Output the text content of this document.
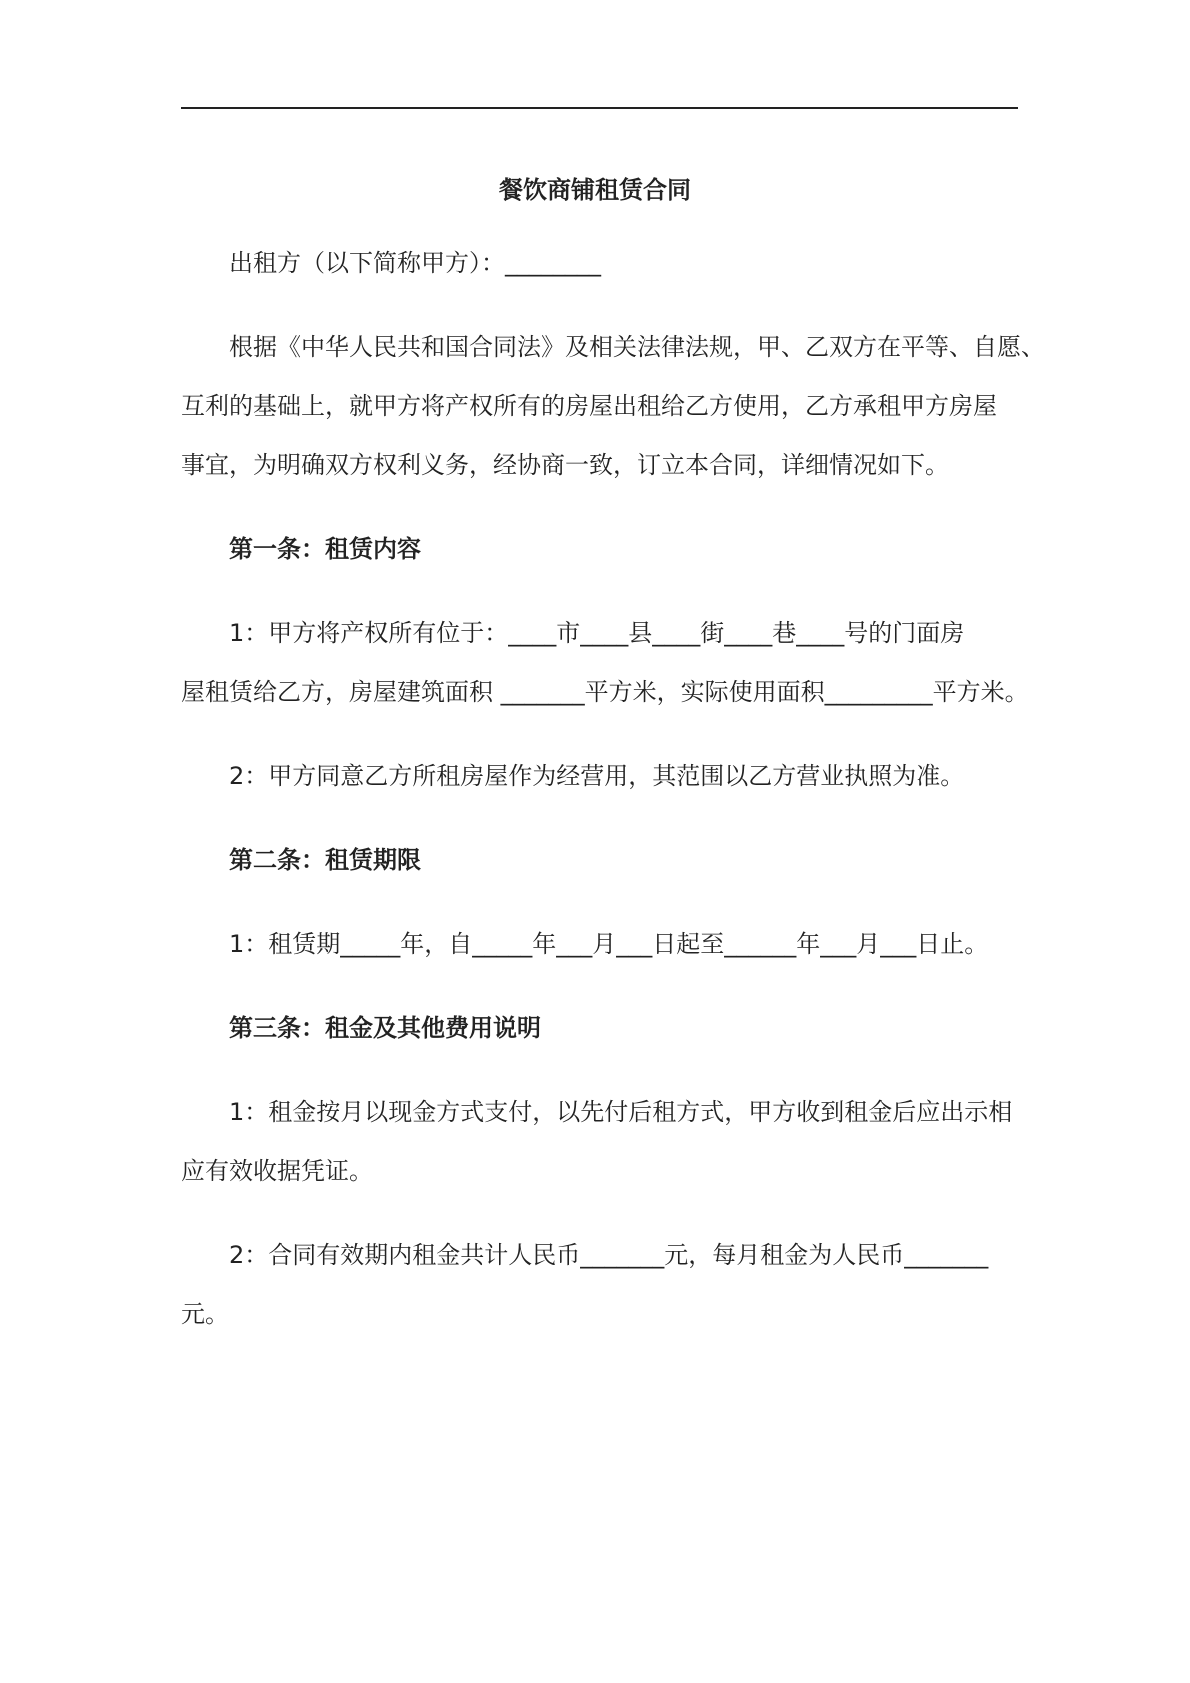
餐饮商铺租赁合同
出租方（以下简称甲方）：________
根据《中华人民共和国合同法》及相关法律法规，甲、乙双方在平等、自愿、
互利的基础上，就甲方将产权所有的房屋出租给乙方使用，乙方承租甲方房屋
事宜，为明确双方权利义务，经协商一致，订立本合同，详细情况如下。
第一条：租赁内容
1：甲方将产权所有位于：____市____县____街____巷____号的门面房
屋租赁给乙方，房屋建筑面积 _______平方米，实际使用面积_________平方米。
2：甲方同意乙方所租房屋作为经营用，其范围以乙方营业执照为准。
第二条：租赁期限
1：租赁期_____年，自_____年___月___日起至______年___月___日止。
第三条：租金及其他费用说明
1：租金按月以现金方式支付，以先付后租方式，甲方收到租金后应出示相
应有效收据凭证。
2：合同有效期内租金共计人民币_______元，每月租金为人民币_______
元。
